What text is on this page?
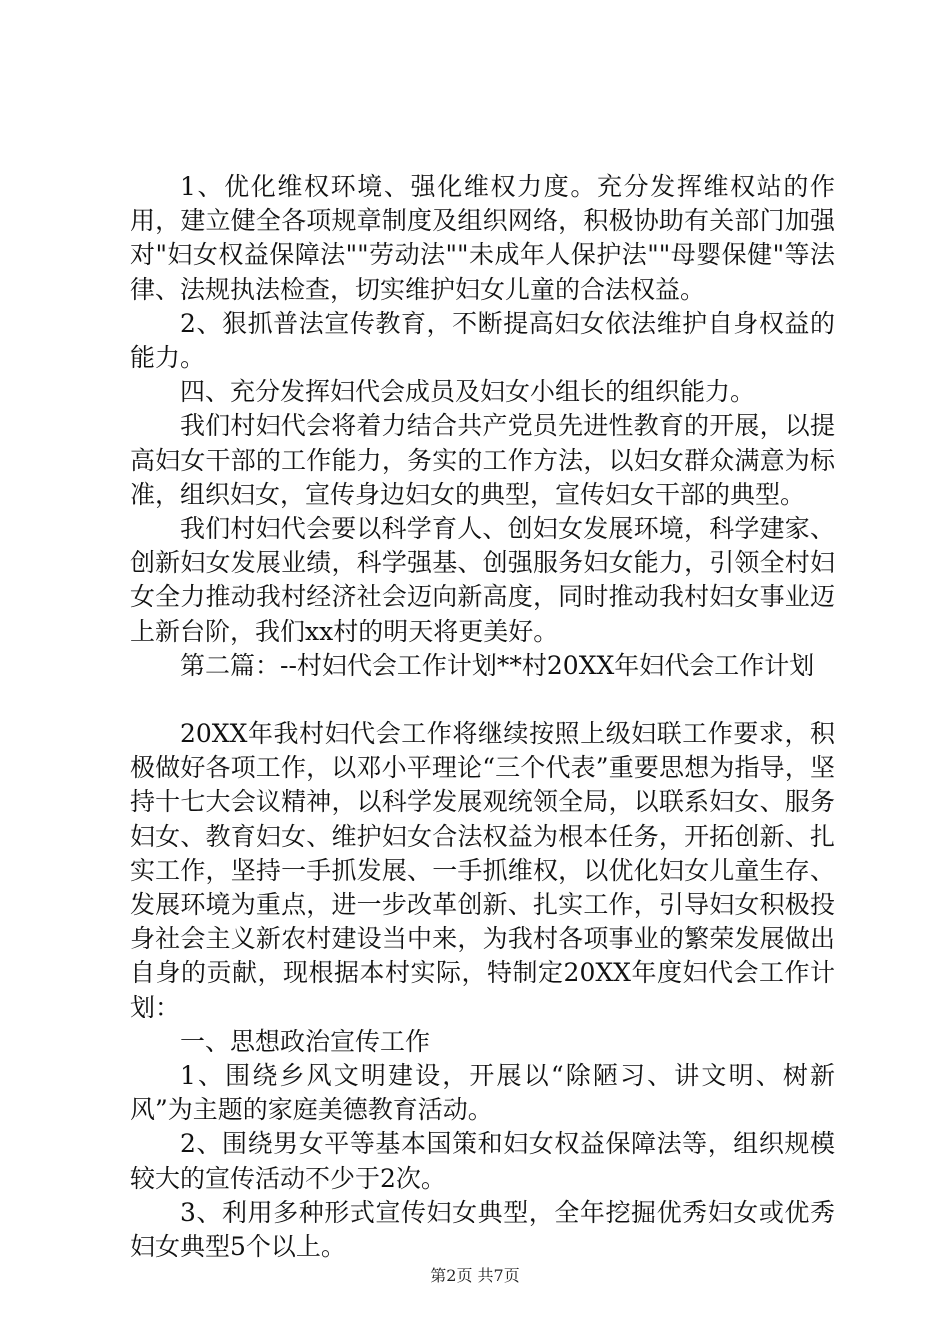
1、优化维权环境、强化维权力度。充分发挥维权站的作用，建立健全各项规章制度及组织网络，积极协助有关部门加强对"妇女权益保障法""劳动法""未成年人保护法""母婴保健"等法律、法规执法检查，切实维护妇女儿童的合法权益。

2、狠抓普法宣传教育，不断提高妇女依法维护自身权益的能力。

四、充分发挥妇代会成员及妇女小组长的组织能力。

我们村妇代会将着力结合共产党员先进性教育的开展，以提高妇女干部的工作能力，务实的工作方法，以妇女群众满意为标准，组织妇女，宣传身边妇女的典型，宣传妇女干部的典型。

我们村妇代会要以科学育人、创妇女发展环境，科学建家、创新妇女发展业绩，科学强基、创强服务妇女能力，引领全村妇女全力推动我村经济社会迈向新高度，同时推动我村妇女事业迈上新台阶，我们xx村的明天将更美好。

第二篇：--村妇代会工作计划**村20XX年妇代会工作计划

20XX年我村妇代会工作将继续按照上级妇联工作要求，积极做好各项工作，以邓小平理论“三个代表”重要思想为指导，坚持十七大会议精神，以科学发展观统领全局，以联系妇女、服务妇女、教育妇女、维护妇女合法权益为根本任务，开拓创新、扎实工作，坚持一手抓发展、一手抓维权，以优化妇女儿童生存、发展环境为重点，进一步改革创新、扎实工作，引导妇女积极投身社会主义新农村建设当中来，为我村各项事业的繁荣发展做出自身的贡献，现根据本村实际，特制定20XX年度妇代会工作计划：

一、思想政治宣传工作

1、围绕乡风文明建设，开展以“除陋习、讲文明、树新风”为主题的家庭美德教育活动。

2、围绕男女平等基本国策和妇女权益保障法等，组织规模较大的宣传活动不少于2次。

3、利用多种形式宣传妇女典型，全年挖掘优秀妇女或优秀妇女典型5个以上。

第2页 共7页
